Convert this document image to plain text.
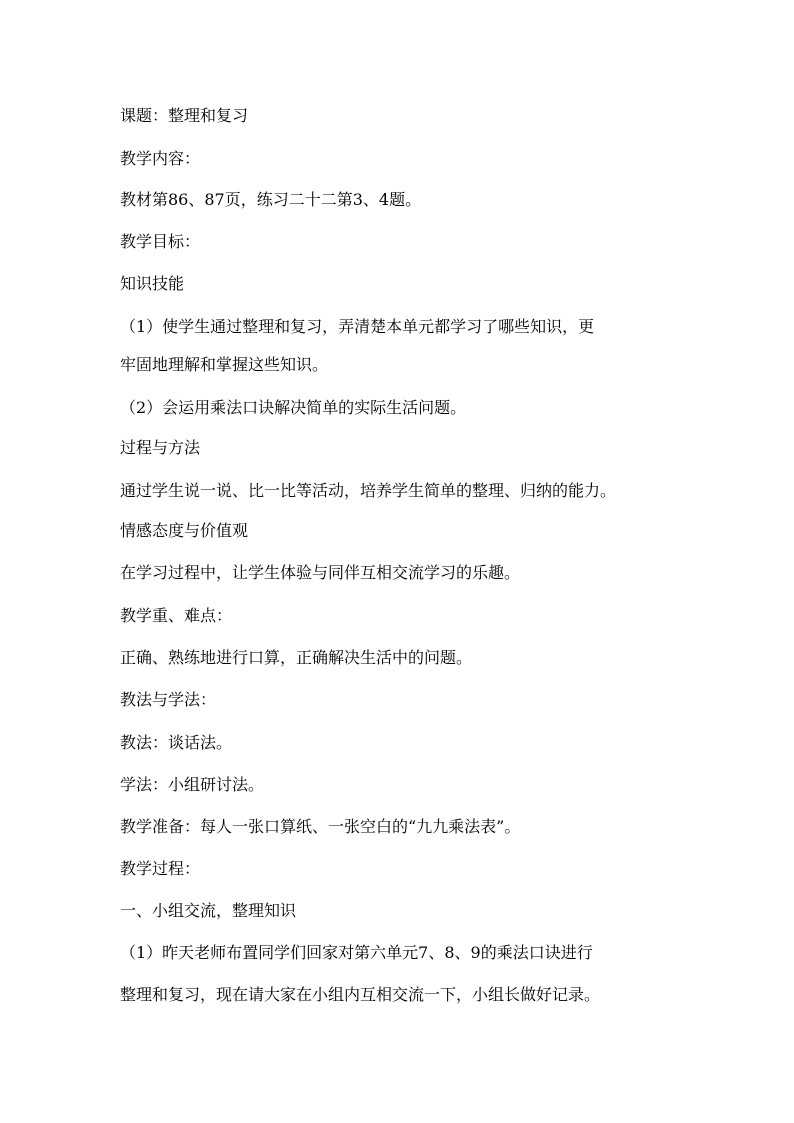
课题：整理和复习
教学内容：
教材第86、87页，练习二十二第3、4题。
教学目标：
知识技能
（1）使学生通过整理和复习，弄清楚本单元都学习了哪些知识，更
牢固地理解和掌握这些知识。
（2）会运用乘法口诀解决简单的实际生活问题。
过程与方法
通过学生说一说、比一比等活动，培养学生简单的整理、归纳的能力。
情感态度与价值观
在学习过程中，让学生体验与同伴互相交流学习的乐趣。
教学重、难点：
正确、熟练地进行口算，正确解决生活中的问题。
教法与学法：
教法：谈话法。
学法：小组研讨法。
教学准备：每人一张口算纸、一张空白的“九九乘法表”。
教学过程：
一、小组交流，整理知识
（1）昨天老师布置同学们回家对第六单元7、8、9的乘法口诀进行
整理和复习，现在请大家在小组内互相交流一下，小组长做好记录。
